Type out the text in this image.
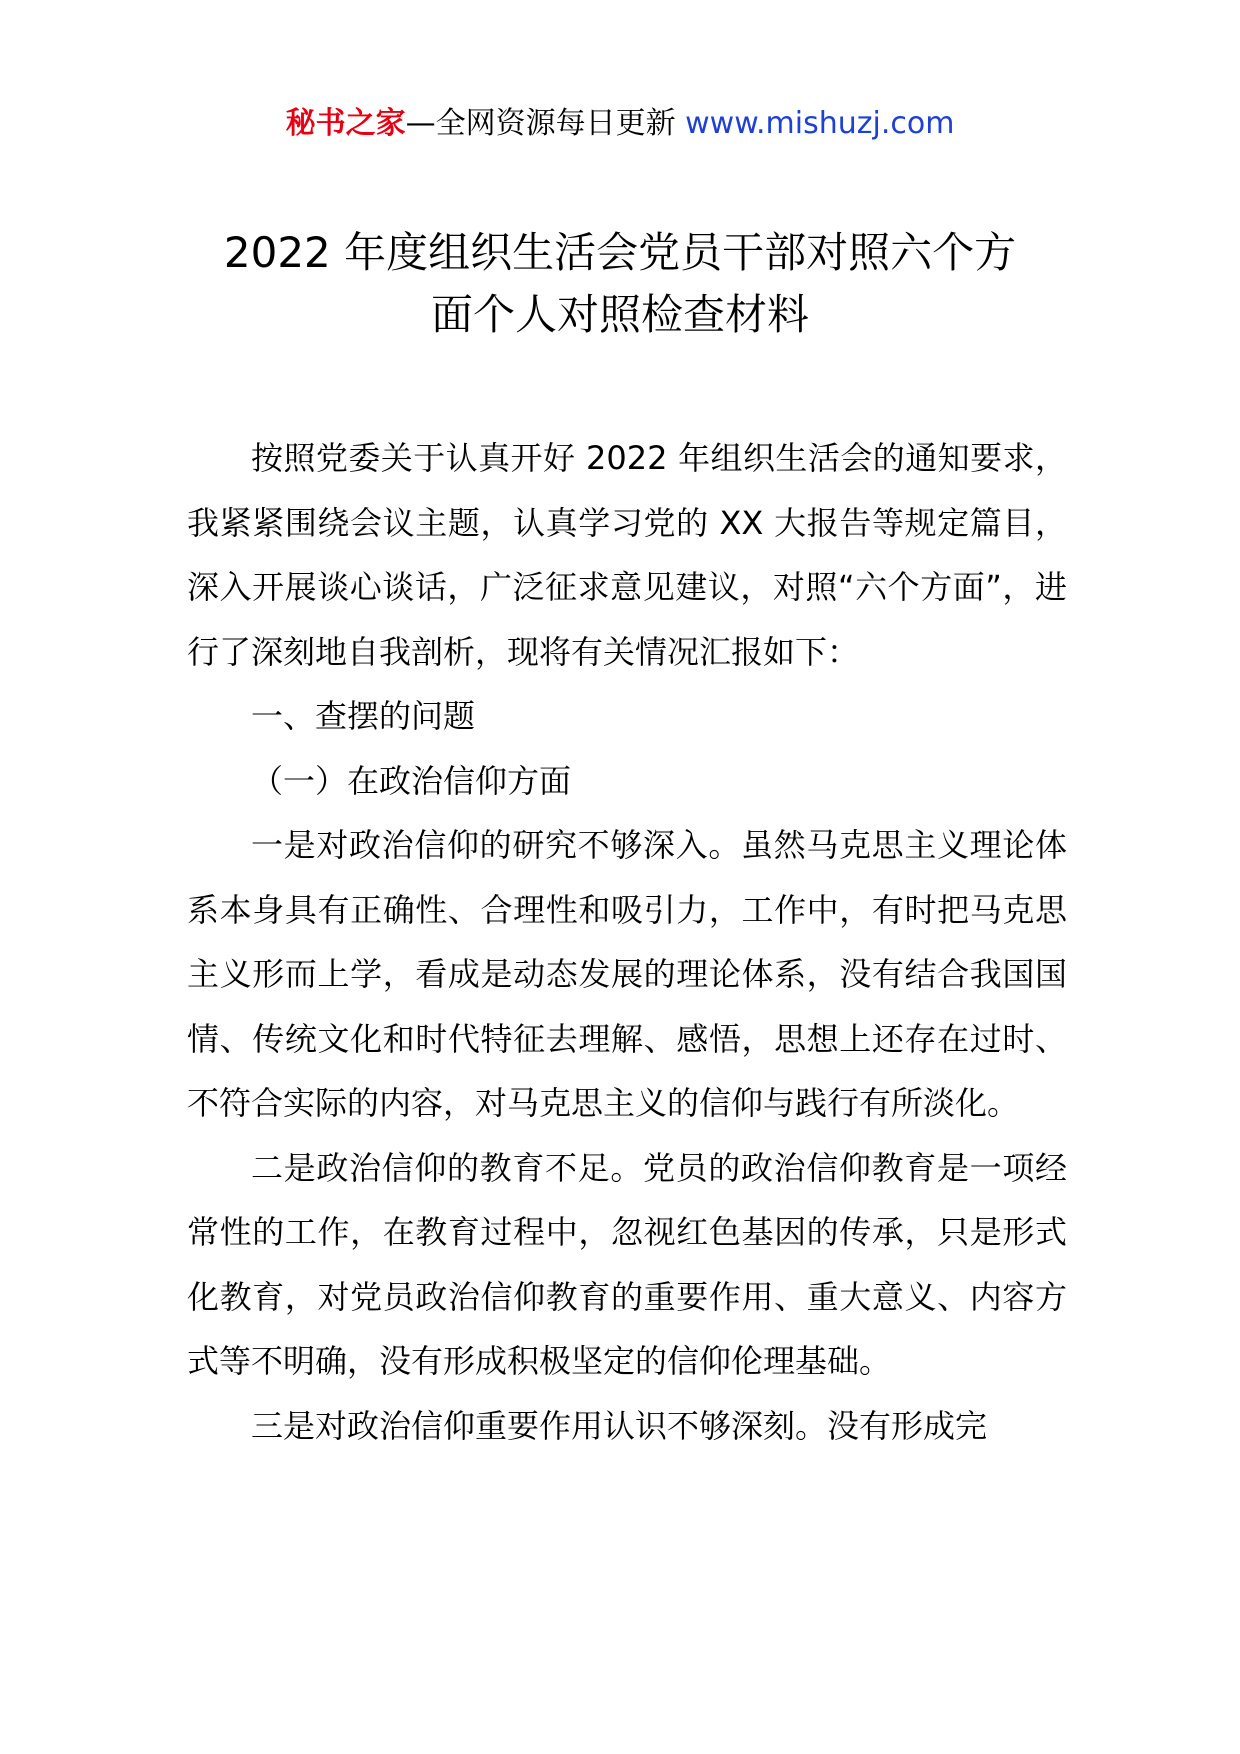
秘书之家—全网资源每日更新 www.mishuzj.com
2022 年度组织生活会党员干部对照六个方
面个人对照检查材料

按照党委关于认真开好 2022 年组织生活会的通知要求，我紧紧围绕会议主题，认真学习党的 XX 大报告等规定篇目，深入开展谈心谈话，广泛征求意见建议，对照“六个方面”，进行了深刻地自我剖析，现将有关情况汇报如下：

一、查摆的问题

（一）在政治信仰方面

一是对政治信仰的研究不够深入。虽然马克思主义理论体系本身具有正确性、合理性和吸引力，工作中，有时把马克思主义形而上学，看成是动态发展的理论体系，没有结合我国国情、传统文化和时代特征去理解、感悟，思想上还存在过时、不符合实际的内容，对马克思主义的信仰与践行有所淡化。

二是政治信仰的教育不足。党员的政治信仰教育是一项经常性的工作，在教育过程中，忽视红色基因的传承，只是形式化教育，对党员政治信仰教育的重要作用、重大意义、内容方式等不明确，没有形成积极坚定的信仰伦理基础。

三是对政治信仰重要作用认识不够深刻。没有形成完
